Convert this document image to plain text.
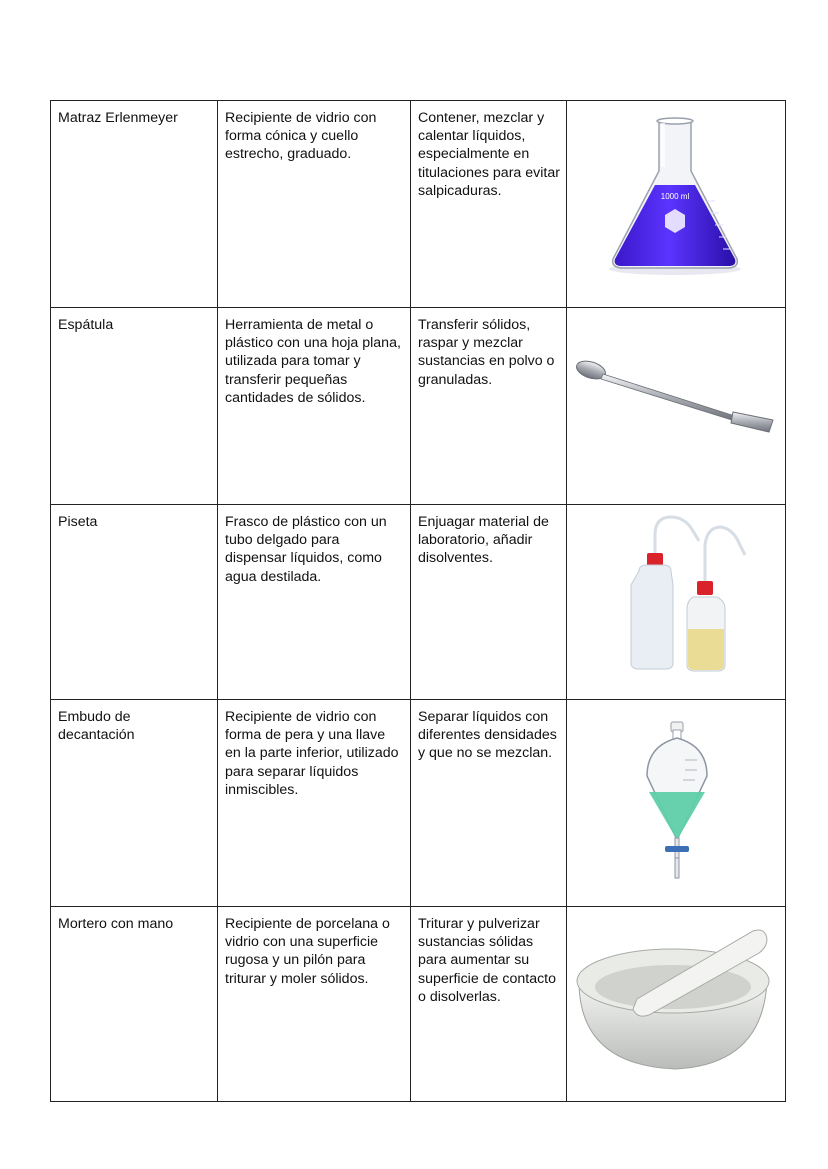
Matraz Erlenmeyer	Recipiente de vidrio con forma cónica y cuello estrecho, graduado.	Contener, mezclar y calentar líquidos, especialmente en titulaciones para evitar salpicaduras.	1000 ml

Espátula	Herramienta de metal o plástico con una hoja plana, utilizada para tomar y transferir pequeñas cantidades de sólidos.	Transferir sólidos, raspar y mezclar sustancias en polvo o granuladas.	

Piseta	Frasco de plástico con un tubo delgado para dispensar líquidos, como agua destilada.	Enjuagar material de laboratorio, añadir disolventes.	

Embudo de decantación	Recipiente de vidrio con forma de pera y una llave en la parte inferior, utilizado para separar líquidos inmiscibles.	Separar líquidos con diferentes densidades y que no se mezclan.	

Mortero con mano	Recipiente de porcelana o vidrio con una superficie rugosa y un pilón para triturar y moler sólidos.	Triturar y pulverizar sustancias sólidas para aumentar su superficie de contacto o disolverlas.	
